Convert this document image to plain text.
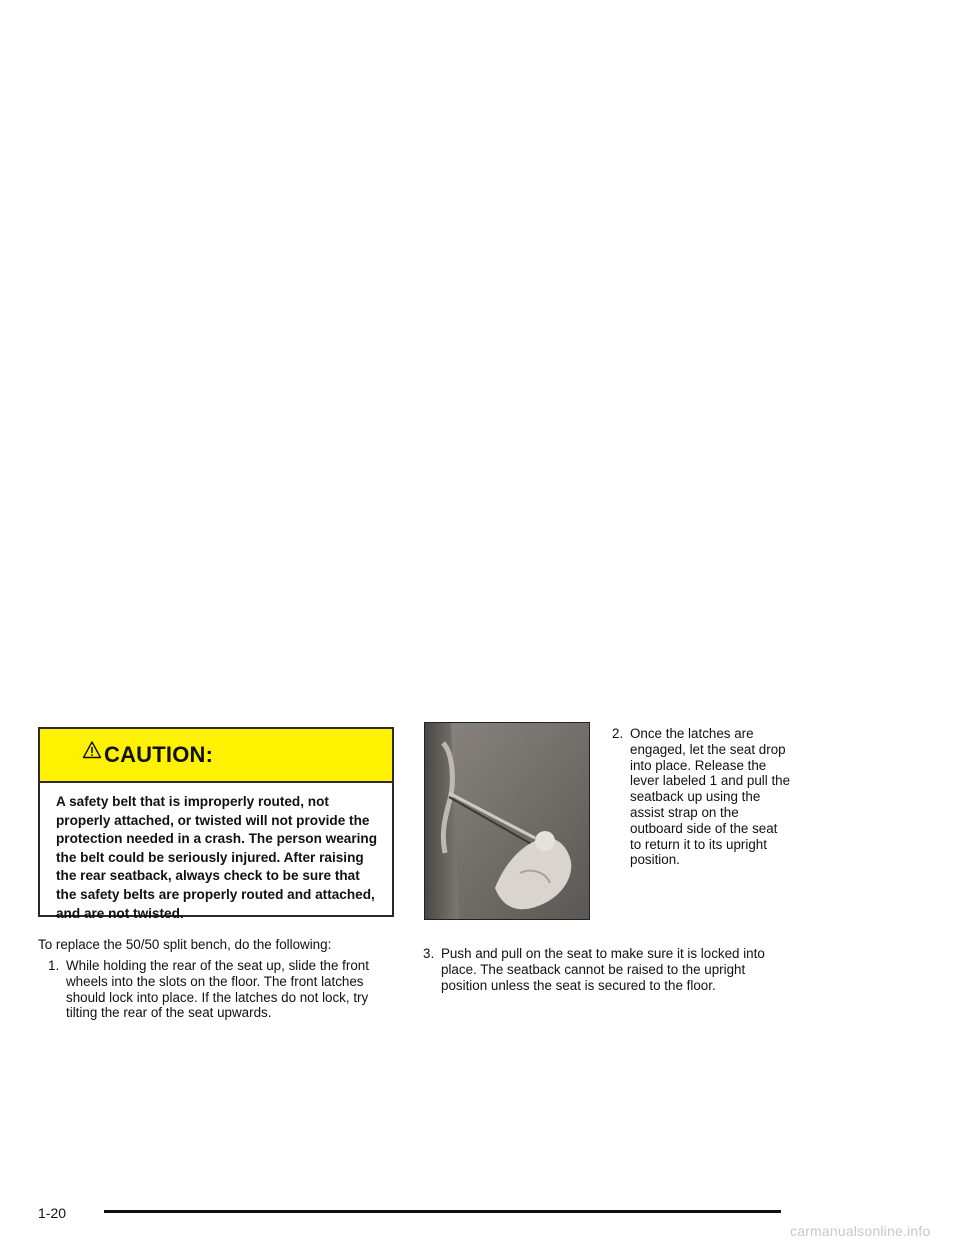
CAUTION:
A safety belt that is improperly routed, not properly attached, or twisted will not provide the protection needed in a crash. The person wearing the belt could be seriously injured. After raising the rear seatback, always check to be sure that the safety belts are properly routed and attached, and are not twisted.
To replace the 50/50 split bench, do the following:
1. While holding the rear of the seat up, slide the front wheels into the slots on the floor. The front latches should lock into place. If the latches do not lock, try tilting the rear of the seat upwards.
2. Once the latches are engaged, let the seat drop into place. Release the lever labeled 1 and pull the seatback up using the assist strap on the outboard side of the seat to return it to its upright position.
3. Push and pull on the seat to make sure it is locked into place. The seatback cannot be raised to the upright position unless the seat is secured to the floor.
1-20
carmanualsonline.info
